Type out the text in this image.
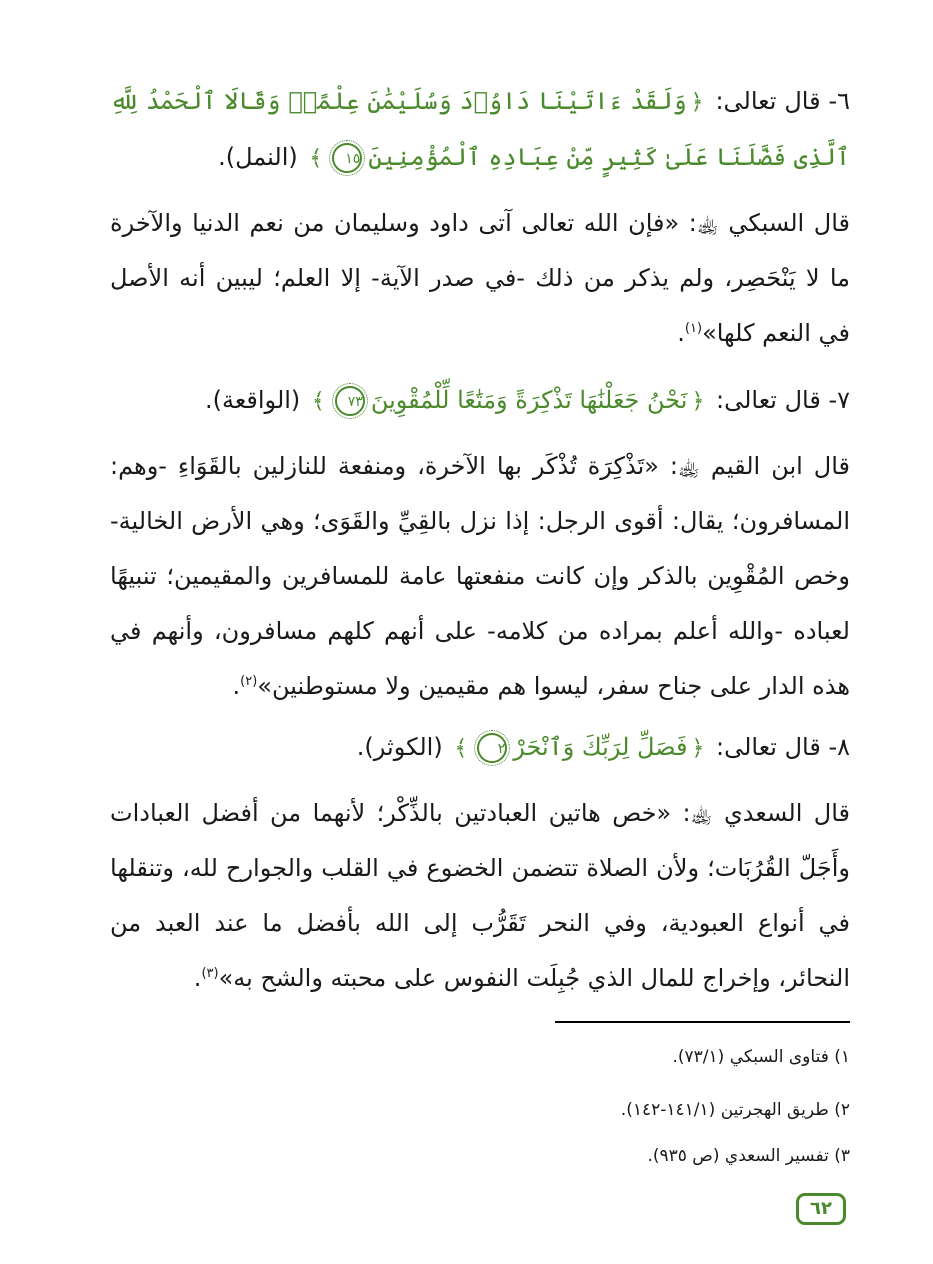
٦- قال تعالى: ﴿وَلَقَدْ ءَاتَيْنَا دَاوُۥدَ وَسُلَيْمَٰنَ عِلْمًاۖ وَقَالَا ٱلْحَمْدُ لِلَّهِ ٱلَّذِى فَضَّلَنَا عَلَىٰ كَثِيرٍ مِّنْ عِبَادِهِ ٱلْمُؤْمِنِينَ١٥﴾ (النمل).
قال السبكي ﵀: «فإن الله تعالى آتى داود وسليمان من نعم الدنيا والآخرة ما لا يَنْحَصِر، ولم يذكر من ذلك -في صدر الآية- إلا العلم؛ ليبين أنه الأصل في النعم كلها»$^{(١)}$.
٧- قال تعالى: ﴿نَحْنُ جَعَلْنَٰهَا تَذْكِرَةً وَمَتَٰعًا لِّلْمُقْوِينَ٧٣﴾ (الواقعة).
قال ابن القيم ﵀: «تَذْكِرَة تُذْكَر بها الآخرة، ومنفعة للنازلين بالقَوَاءِ -وهم: المسافرون؛ يقال: أقوى الرجل: إذا نزل بالقِيِّ والقَوَى؛ وهي الأرض الخالية- وخص المُقْوِين بالذكر وإن كانت منفعتها عامة للمسافرين والمقيمين؛ تنبيهًا لعباده -والله أعلم بمراده من كلامه- على أنهم كلهم مسافرون، وأنهم في هذه الدار على جناح سفر، ليسوا هم مقيمين ولا مستوطنين»$^{(٢)}$.
٨- قال تعالى: ﴿فَصَلِّ لِرَبِّكَ وَٱنْحَرْ٢﴾ (الكوثر).
قال السعدي ﵀: «خص هاتين العبادتين بالذِّكْر؛ لأنهما من أفضل العبادات وأَجَلّ القُرُبَات؛ ولأن الصلاة تتضمن الخضوع في القلب والجوارح لله، وتنقلها في أنواع العبودية، وفي النحر تَقَرُّب إلى الله بأفضل ما عند العبد من النحائر، وإخراج للمال الذي جُبِلَت النفوس على محبته والشح به»$^{(٣)}$.
١) فتاوى السبكي (٧٣/١).
٢) طريق الهجرتين (١٤١/١-١٤٢).
٣) تفسير السعدي (ص ٩٣٥).
٦٢
